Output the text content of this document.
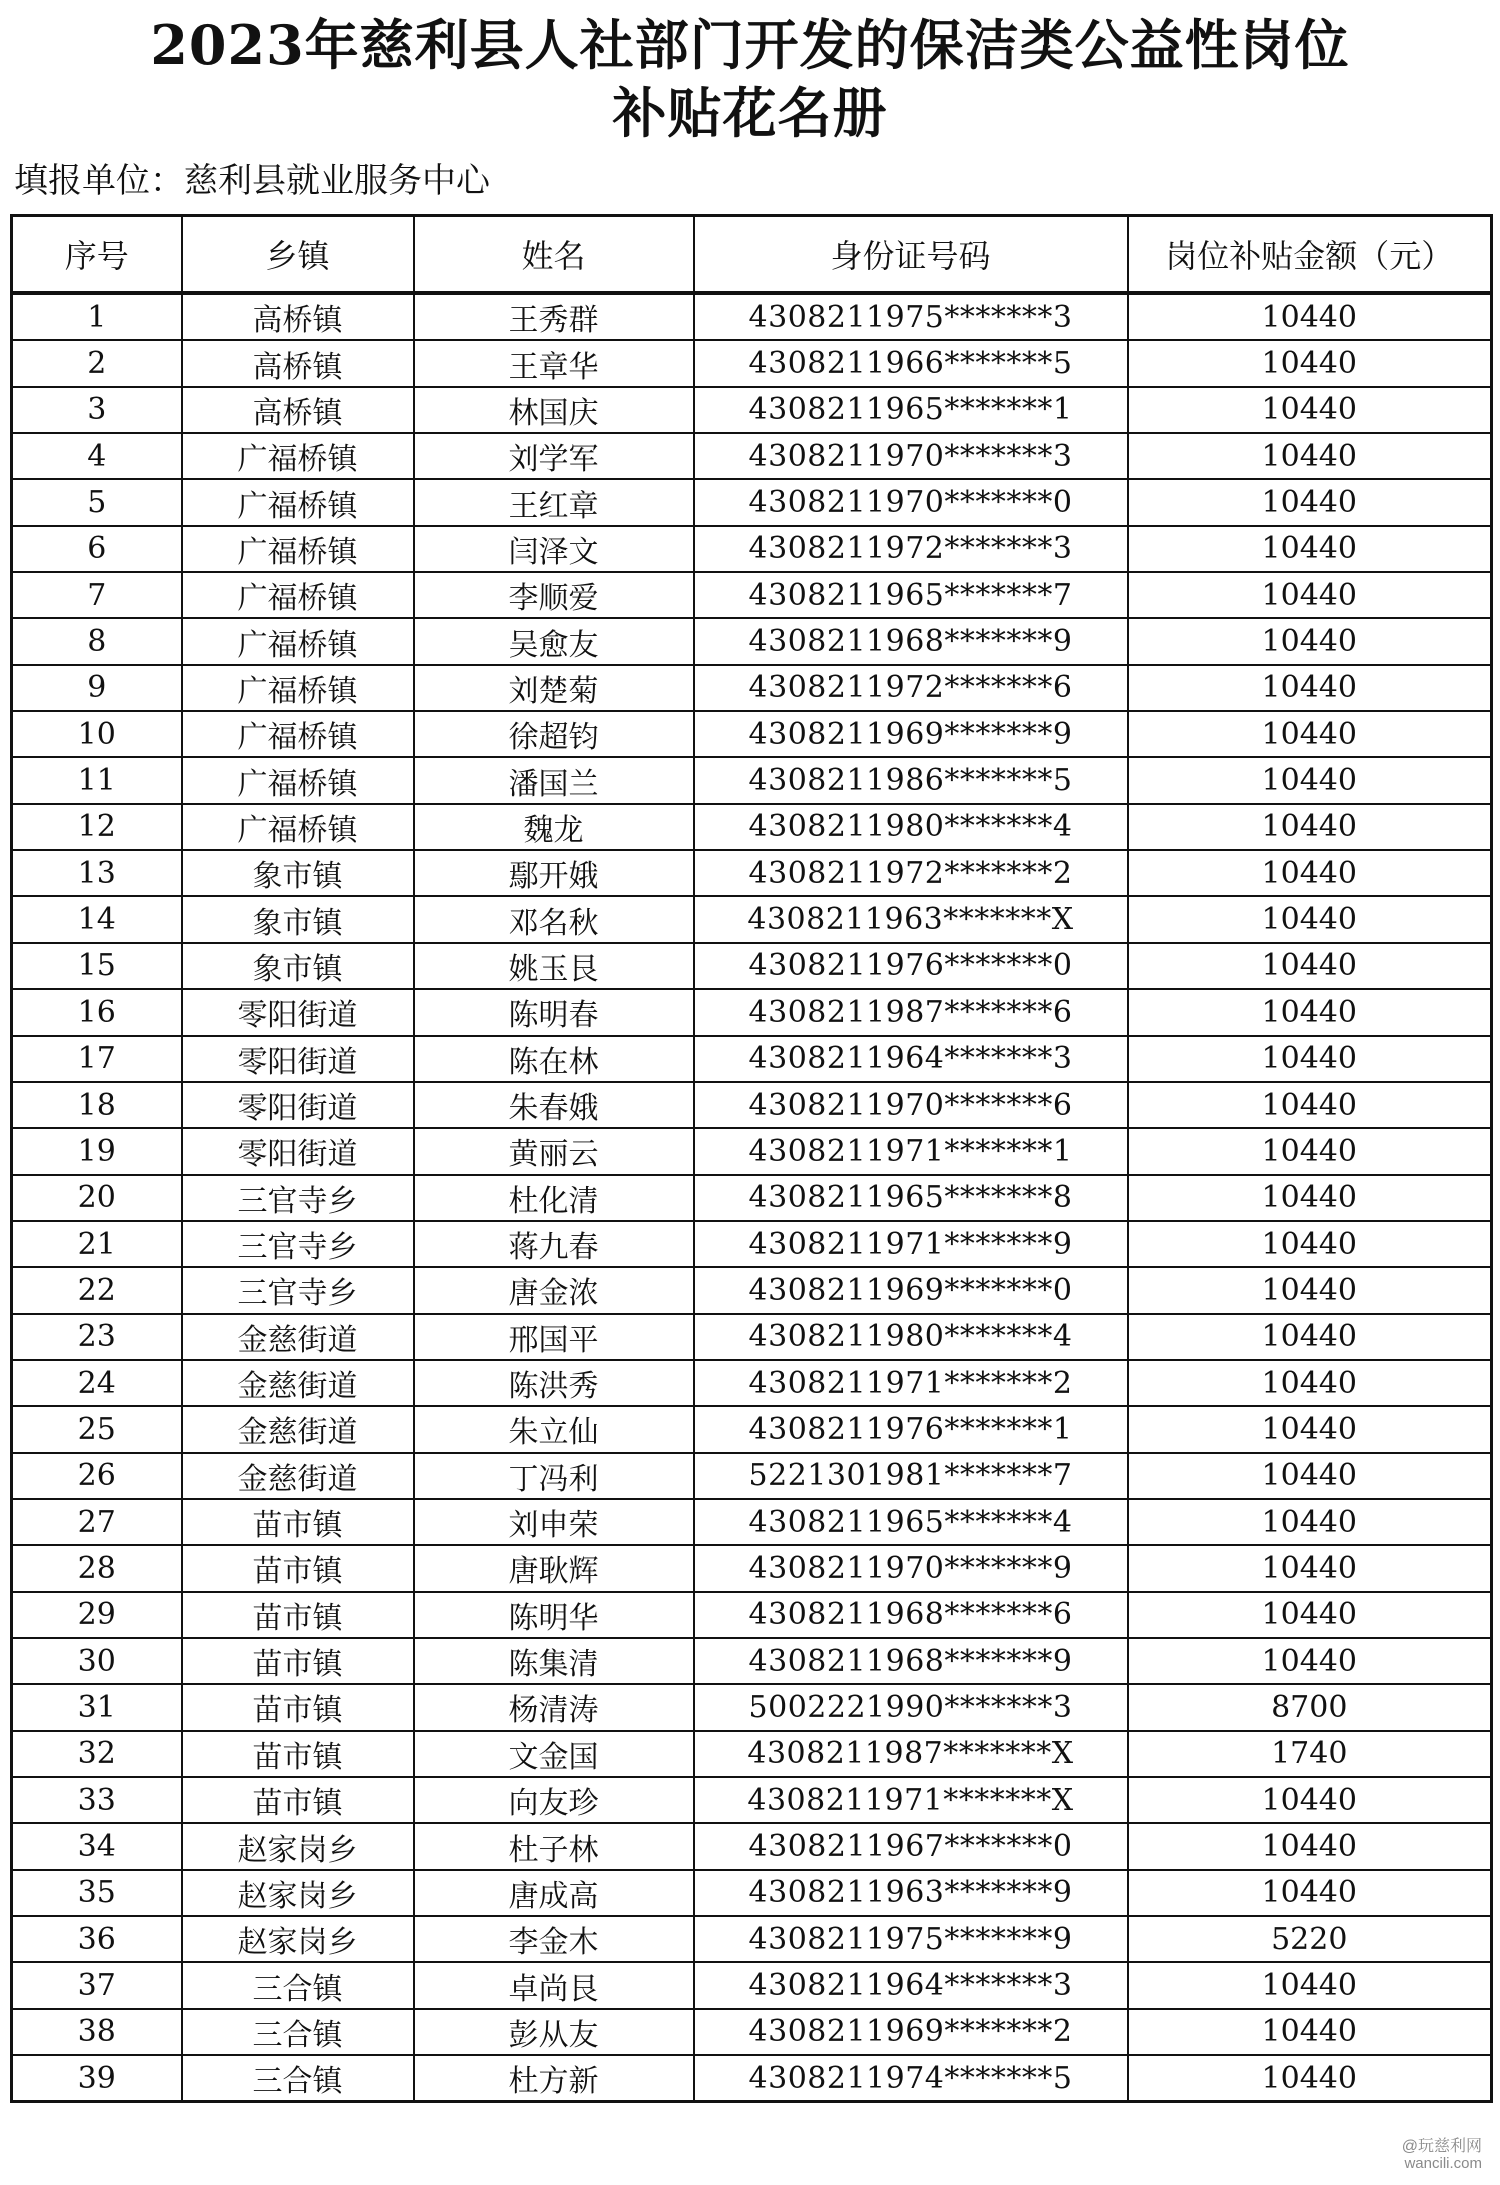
2023年慈利县人社部门开发的保洁类公益性岗位
补贴花名册
填报单位：慈利县就业服务中心
序号	乡镇	姓名	身份证号码	岗位补贴金额（元）
1	高桥镇	王秀群	4308211975*******3	10440
2	高桥镇	王章华	4308211966*******5	10440
3	高桥镇	林国庆	4308211965*******1	10440
4	广福桥镇	刘学军	4308211970*******3	10440
5	广福桥镇	王红章	4308211970*******0	10440
6	广福桥镇	闫泽文	4308211972*******3	10440
7	广福桥镇	李顺爱	4308211965*******7	10440
8	广福桥镇	吴愈友	4308211968*******9	10440
9	广福桥镇	刘楚菊	4308211972*******6	10440
10	广福桥镇	徐超钧	4308211969*******9	10440
11	广福桥镇	潘国兰	4308211986*******5	10440
12	广福桥镇	魏龙	4308211980*******4	10440
13	象市镇	鄢开娥	4308211972*******2	10440
14	象市镇	邓名秋	4308211963*******X	10440
15	象市镇	姚玉艮	4308211976*******0	10440
16	零阳街道	陈明春	4308211987*******6	10440
17	零阳街道	陈在林	4308211964*******3	10440
18	零阳街道	朱春娥	4308211970*******6	10440
19	零阳街道	黄丽云	4308211971*******1	10440
20	三官寺乡	杜化清	4308211965*******8	10440
21	三官寺乡	蒋九春	4308211971*******9	10440
22	三官寺乡	唐金浓	4308211969*******0	10440
23	金慈街道	邢国平	4308211980*******4	10440
24	金慈街道	陈洪秀	4308211971*******2	10440
25	金慈街道	朱立仙	4308211976*******1	10440
26	金慈街道	丁冯利	5221301981*******7	10440
27	苗市镇	刘申荣	4308211965*******4	10440
28	苗市镇	唐耿辉	4308211970*******9	10440
29	苗市镇	陈明华	4308211968*******6	10440
30	苗市镇	陈集清	4308211968*******9	10440
31	苗市镇	杨清涛	5002221990*******3	8700
32	苗市镇	文金国	4308211987*******X	1740
33	苗市镇	向友珍	4308211971*******X	10440
34	赵家岗乡	杜子林	4308211967*******0	10440
35	赵家岗乡	唐成高	4308211963*******9	10440
36	赵家岗乡	李金木	4308211975*******9	5220
37	三合镇	卓尚艮	4308211964*******3	10440
38	三合镇	彭从友	4308211969*******2	10440
39	三合镇	杜方新	4308211974*******5	10440
@玩慈利网
wancili.com
